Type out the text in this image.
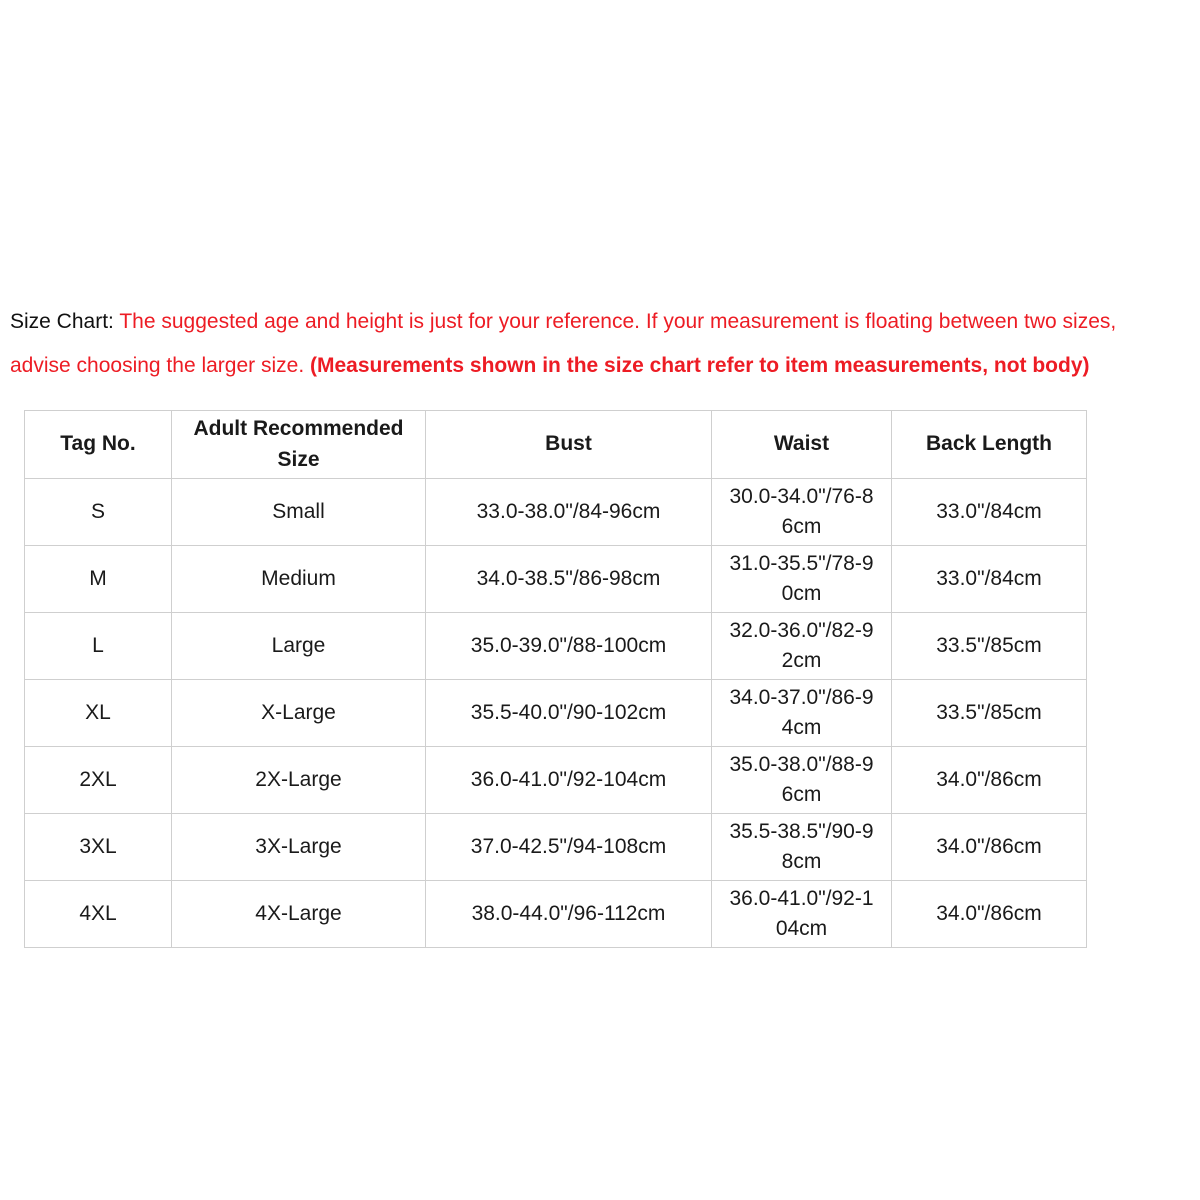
Size Chart: The suggested age and height is just for your reference. If your measurement is floating between two sizes,
advise choosing the larger size. (Measurements shown in the size chart refer to item measurements, not body)
Tag No.	Adult Recommended Size	Bust	Waist	Back Length
S	Small	33.0-38.0"/84-96cm	30.0-34.0"/76-86cm	33.0"/84cm
M	Medium	34.0-38.5"/86-98cm	31.0-35.5"/78-90cm	33.0"/84cm
L	Large	35.0-39.0"/88-100cm	32.0-36.0"/82-92cm	33.5"/85cm
XL	X-Large	35.5-40.0"/90-102cm	34.0-37.0"/86-94cm	33.5"/85cm
2XL	2X-Large	36.0-41.0"/92-104cm	35.0-38.0"/88-96cm	34.0"/86cm
3XL	3X-Large	37.0-42.5"/94-108cm	35.5-38.5"/90-98cm	34.0"/86cm
4XL	4X-Large	38.0-44.0"/96-112cm	36.0-41.0"/92-104cm	34.0"/86cm
